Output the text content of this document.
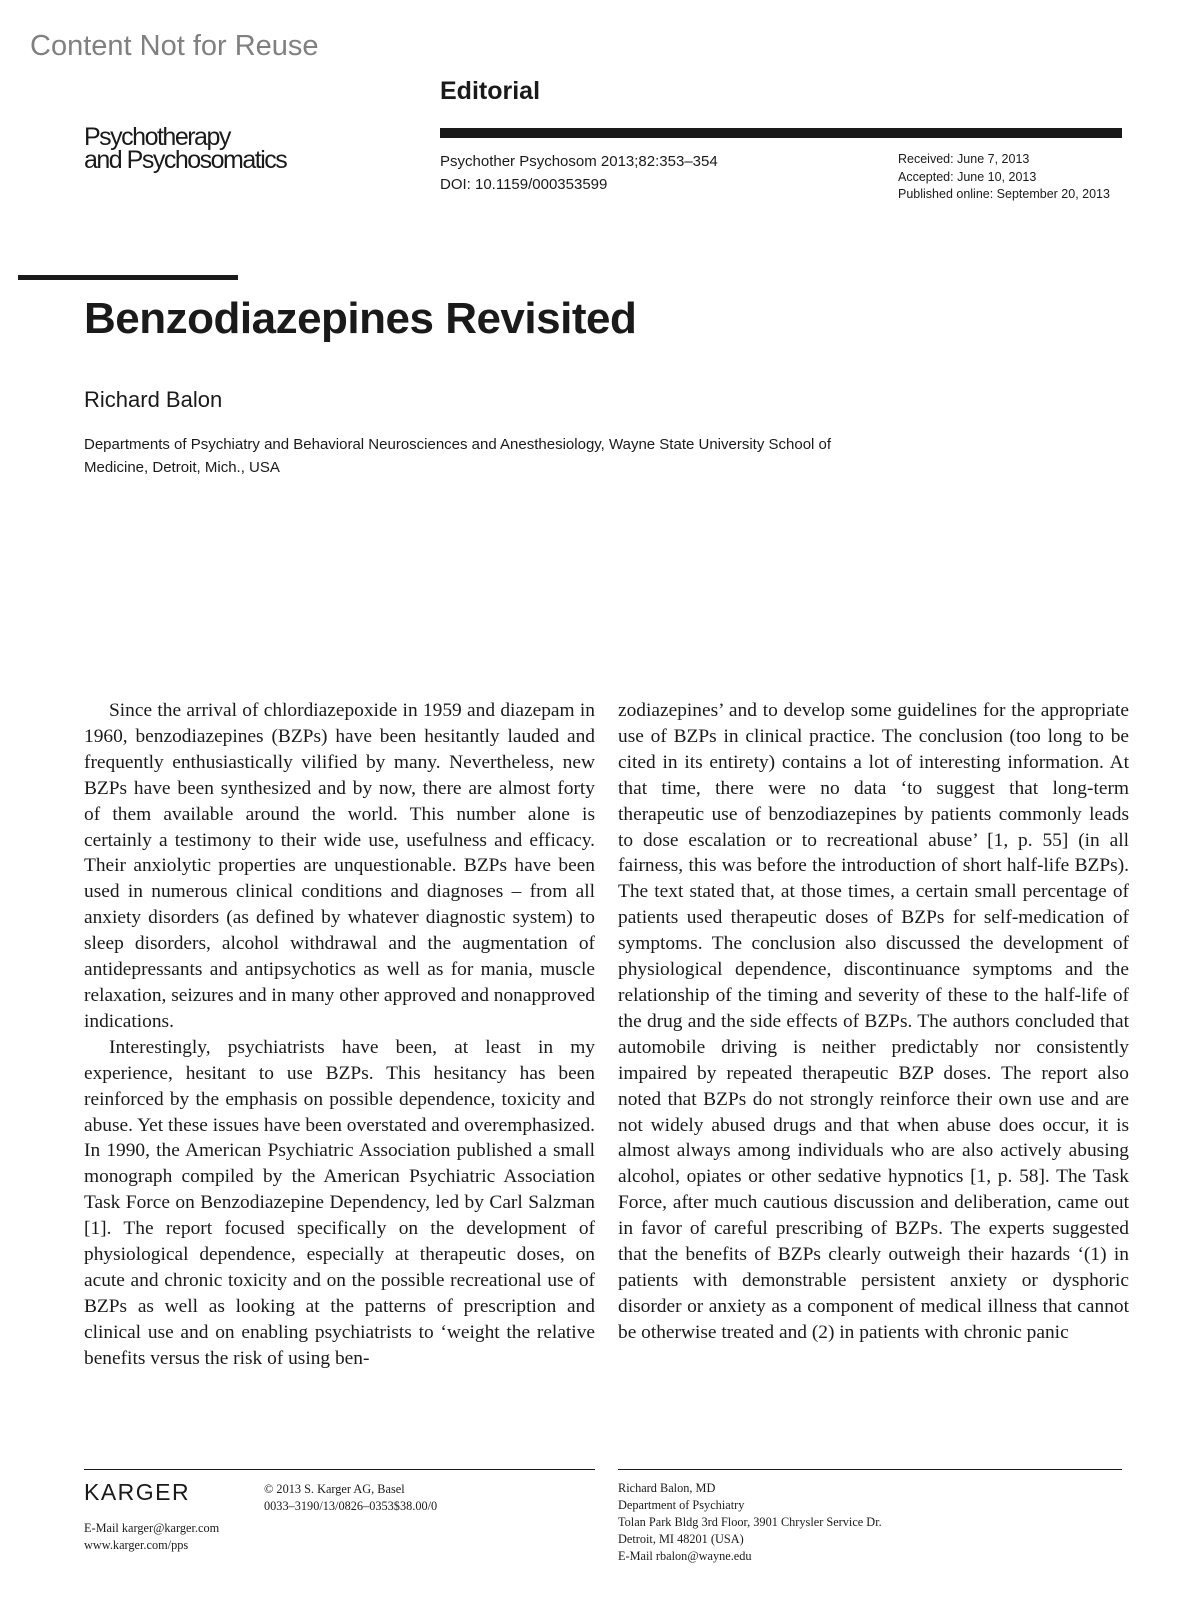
Content Not for Reuse
Editorial
Psychotherapy
and Psychosomatics	Psychother Psychosom 2013;82:353–354
DOI: 10.1159/000353599
Received: June 7, 2013
Accepted: June 10, 2013
Published online: September 20, 2013
Benzodiazepines Revisited
Richard Balon
Departments of Psychiatry and Behavioral Neurosciences and Anesthesiology, Wayne State University School of Medicine, Detroit, Mich., USA

Since the arrival of chlordiazepoxide in 1959 and diazepam in 1960, benzodiazepines (BZPs) have been hesitantly lauded and frequently enthusiastically vilified by many. Nevertheless, new BZPs have been synthesized and by now, there are almost forty of them available around the world. This number alone is certainly a testimony to their wide use, usefulness and efficacy. Their anxiolytic properties are unquestionable. BZPs have been used in numerous clinical conditions and diagnoses – from all anxiety disorders (as defined by whatever diagnostic system) to sleep disorders, alcohol withdrawal and the augmentation of antidepressants and antipsychotics as well as for mania, muscle relaxation, seizures and in many other approved and nonapproved indications.

Interestingly, psychiatrists have been, at least in my experience, hesitant to use BZPs. This hesitancy has been reinforced by the emphasis on possible dependence, toxicity and abuse. Yet these issues have been overstated and overemphasized. In 1990, the American Psychiatric Association published a small monograph compiled by the American Psychiatric Association Task Force on Benzodiazepine Dependency, led by Carl Salzman [1]. The report focused specifically on the development of physiological dependence, especially at therapeutic doses, on acute and chronic toxicity and on the possible recreational use of BZPs as well as looking at the patterns of prescription and clinical use and on enabling psychiatrists to ‘weight the relative benefits versus the risk of using ben-

zodiazepines’ and to develop some guidelines for the appropriate use of BZPs in clinical practice. The conclusion (too long to be cited in its entirety) contains a lot of interesting information. At that time, there were no data ‘to suggest that long-term therapeutic use of benzodiazepines by patients commonly leads to dose escalation or to recreational abuse’ [1, p. 55] (in all fairness, this was before the introduction of short half-life BZPs). The text stated that, at those times, a certain small percentage of patients used therapeutic doses of BZPs for self-medication of symptoms. The conclusion also discussed the development of physiological dependence, discontinuance symptoms and the relationship of the timing and severity of these to the half-life of the drug and the side effects of BZPs. The authors concluded that automobile driving is neither predictably nor consistently impaired by repeated therapeutic BZP doses. The report also noted that BZPs do not strongly reinforce their own use and are not widely abused drugs and that when abuse does occur, it is almost always among individuals who are also actively abusing alcohol, opiates or other sedative hypnotics [1, p. 58]. The Task Force, after much cautious discussion and deliberation, came out in favor of careful prescribing of BZPs. The experts suggested that the benefits of BZPs clearly outweigh their hazards ‘(1) in patients with demonstrable persistent anxiety or dysphoric disorder or anxiety as a component of medical illness that cannot be otherwise treated and (2) in patients with chronic panic

KARGER	© 2013 S. Karger AG, Basel
0033–3190/13/0826–0353$38.00/0
E-Mail karger@karger.com
www.karger.com/pps
Richard Balon, MD
Department of Psychiatry
Tolan Park Bldg 3rd Floor, 3901 Chrysler Service Dr.
Detroit, MI 48201 (USA)
E-Mail rbalon@wayne.edu
